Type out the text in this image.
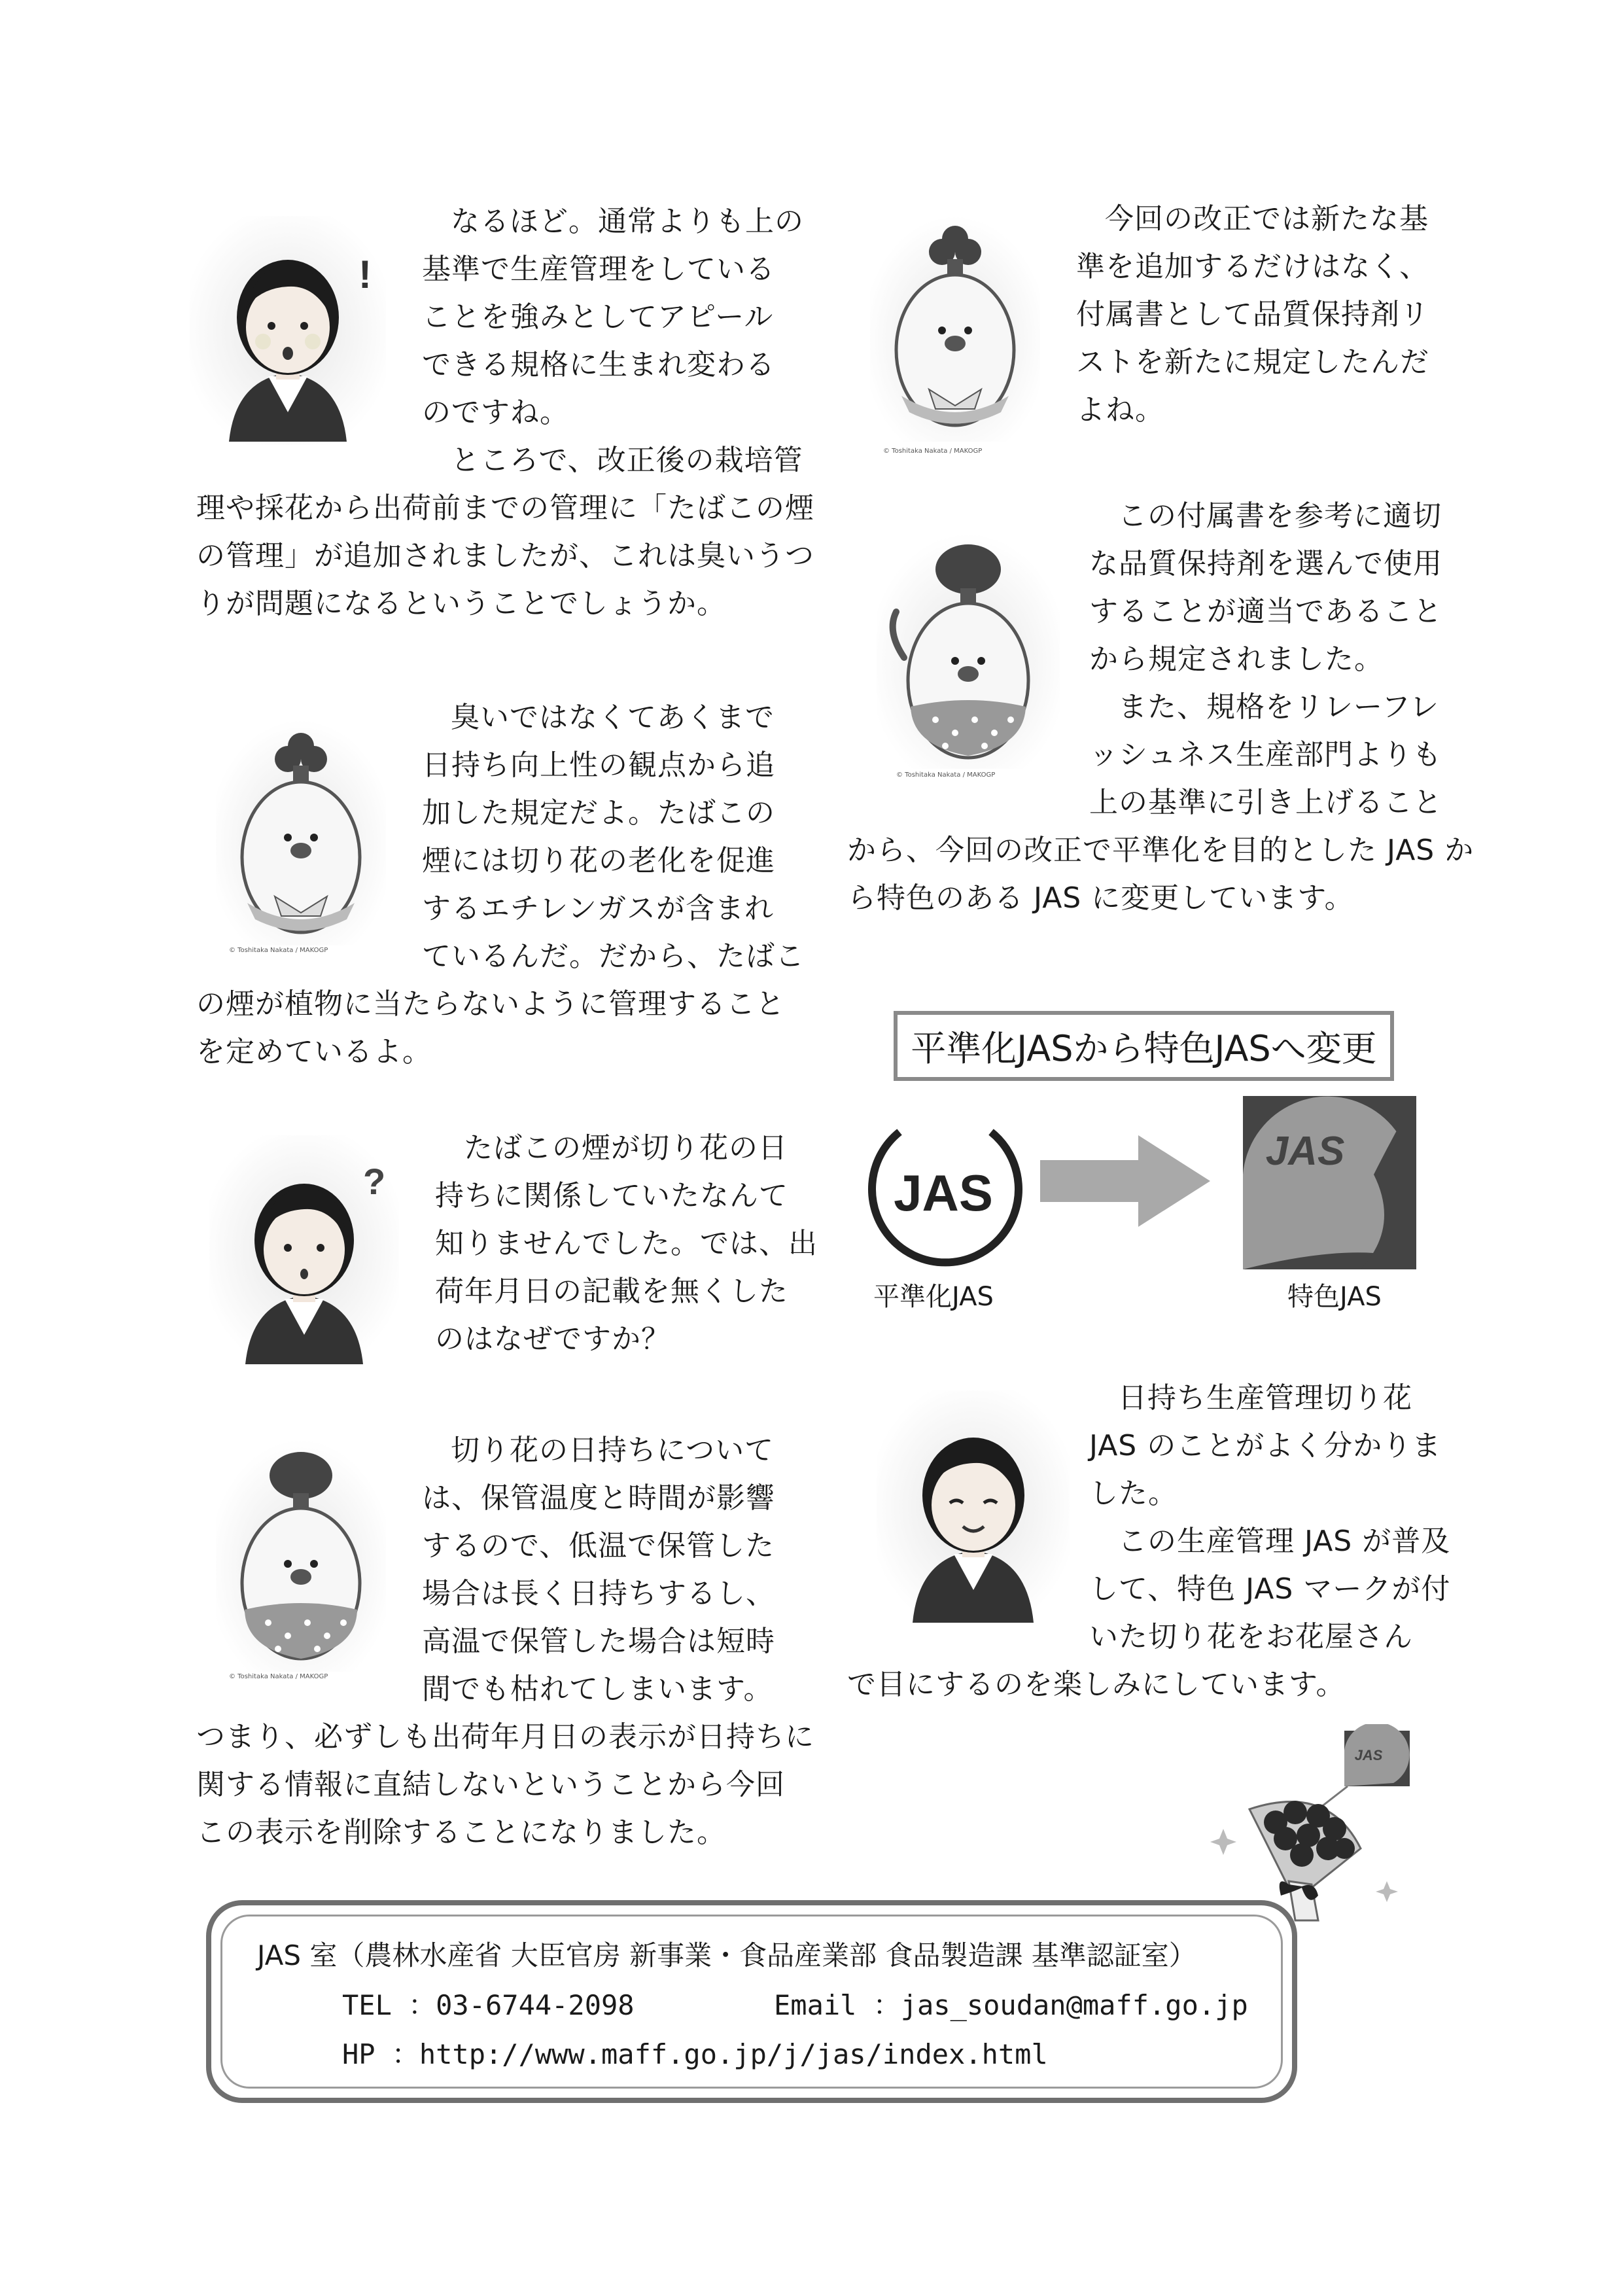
!
なるほど。通常よりも上の
基準で生産管理をしている
ことを強みとしてアピール
できる規格に生まれ変わる
のですね。
ところで、改正後の栽培管
理や採花から出荷前までの管理に「たばこの煙
の管理」が追加されましたが、これは臭いうつ
りが問題になるということでしょうか。
© Toshitaka Nakata / MAKOGP
臭いではなくてあくまで
日持ち向上性の観点から追
加した規定だよ。たばこの
煙には切り花の老化を促進
するエチレンガスが含まれ
ているんだ。だから、たばこ
の煙が植物に当たらないように管理すること
を定めているよ。
?
たばこの煙が切り花の日
持ちに関係していたなんて
知りませんでした。では、出
荷年月日の記載を無くした
のはなぜですか？
© Toshitaka Nakata / MAKOGP
切り花の日持ちについて
は、保管温度と時間が影響
するので、低温で保管した
場合は長く日持ちするし、
高温で保管した場合は短時
間でも枯れてしまいます。
つまり、必ずしも出荷年月日の表示が日持ちに
関する情報に直結しないということから今回
この表示を削除することになりました。
© Toshitaka Nakata / MAKOGP
今回の改正では新たな基
準を追加するだけはなく、
付属書として品質保持剤リ
ストを新たに規定したんだ
よね。
© Toshitaka Nakata / MAKOGP
この付属書を参考に適切
な品質保持剤を選んで使用
することが適当であること
から規定されました。
また、規格をリレーフレ
ッシュネス生産部門よりも
上の基準に引き上げること
から、今回の改正で平準化を目的とした JAS か
ら特色のある JAS に変更しています。
平準化JASから特色JASへ変更
JAS
平準化JAS
JAS
特色JAS
日持ち生産管理切り花
JAS のことがよく分かりま
した。
この生産管理 JAS が普及
して、特色 JAS マークが付
いた切り花をお花屋さん
で目にするのを楽しみにしています。
JAS
JAS 室（農林水産省 大臣官房 新事業・食品産業部 食品製造課 基準認証室）
TEL ：03-6744-2098	Email ：jas_soudan@maff.go.jp
HP ：http://www.maff.go.jp/j/jas/index.html
